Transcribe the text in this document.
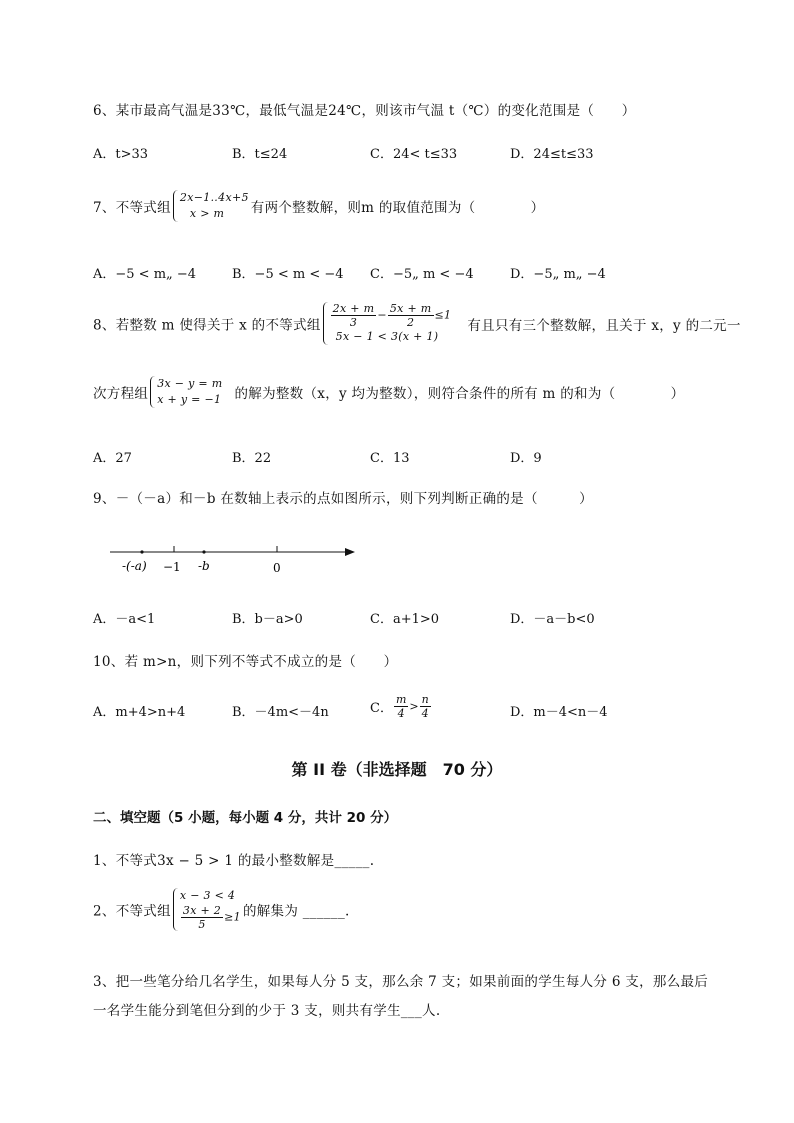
6、某市最高气温是33℃，最低气温是24℃，则该市气温 t（℃）的变化范围是（　　）
A．t>33	B．t≤24	C．24< t≤33	D．24≤t≤33
7、不等式组
2x−1‥4x+5
x > m	有两个整数解，则m 的取值范围为（　　　　）
A．−5 < m„ −4	B．−5 < m < −4 C．−5„ m < −4	D．−5„ m„ −4
8、若整数 m 使得关于 x 的不等式组 $\frac{2x + m}{3} - \frac{5x + m}{2} \le 1$
5x − 1 < 3(x + 1)
有且只有三个整数解，且关于 x，y 的二元一
次方程组
3x − y = m
x + y = −1 的解为整数（x，y 均为整数），则符合条件的所有 m 的和为（　　　　）
A．27	B．22	C．13	D．9
9、－（－a）和－b 在数轴上表示的点如图所示，则下列判断正确的是（　　　）
-(-a) −1 -b	0
A．－a<1	B．b－a>0	C．a+1>0	D．－a－b<0
10、若 m>n，则下列不等式不成立的是（　　）
A．m+4>n+4	B．－4m<－4n	C． $\frac{m}{4} > \frac{n}{4}$	D．m－4<n－4
第 II 卷（非选择题　70 分）
二、填空题（5 小题，每小题 4 分，共计 20 分）
1、不等式3x − 5 > 1 的最小整数解是_____.
2、不等式组
x − 3 < 4
$\frac{3x + 2}{5} \ge 1$ 的解集为 ______.
3、把一些笔分给几名学生，如果每人分 5 支，那么余 7 支；如果前面的学生每人分 6 支，那么最后
一名学生能分到笔但分到的少于 3 支，则共有学生___人.
